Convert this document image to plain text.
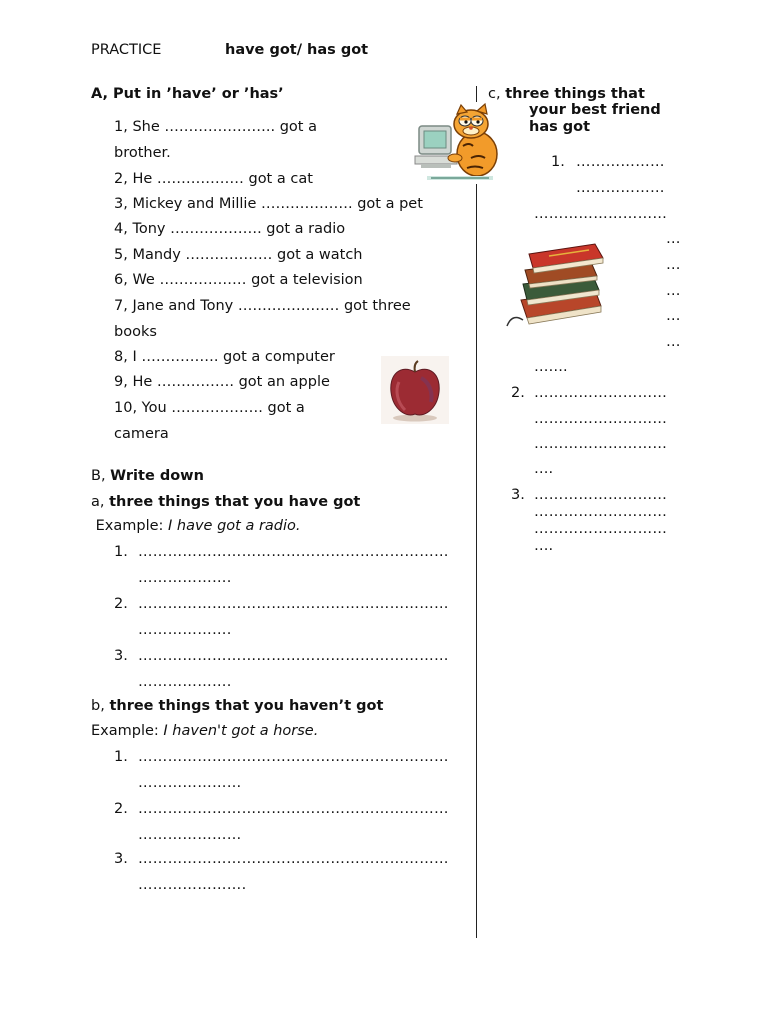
PRACTICE	have got/ has got
A, Put in ’have’ or ’has’
1, She ………………….. got a
brother.
2, He ……………… got a cat
3, Mickey and Millie ………………. got a pet
4, Tony ………………. got a radio
5, Mandy ……………… got a watch
6, We ……………… got a television
7, Jane and Tony ………………… got three
books
8, I ……………. got a computer
9, He ……………. got an apple
10, You ………………. got a
camera
B, Write down
a, three things that you have got
Example: I have got a radio.
1. ………………………………………………………
……………….
2. ………………………………………………………
……………….
3. ………………………………………………………
……………….
b, three things that you haven’t got
Example: I haven't got a horse.
1. ………………………………………………………
…………………
2. ………………………………………………………
…………………
3. ………………………………………………………
………………….
c, three things that
your best friend
has got
1. ………………
………………
………………………
…
…
…
…
…
…….
2. ………………………
………………………
………………………
….
3. ………………………
………………………
………………………
….
